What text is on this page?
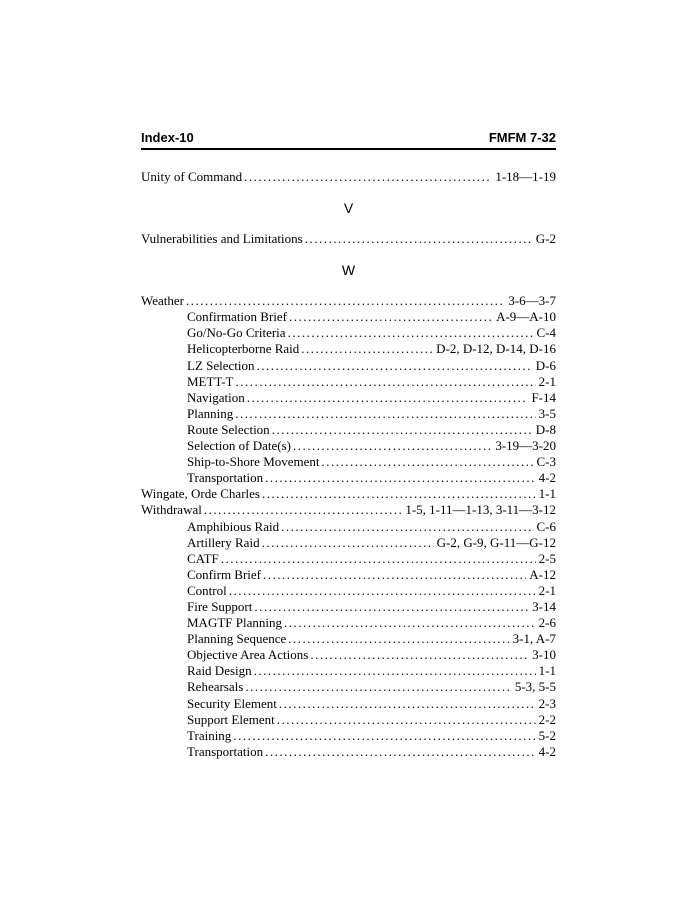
Index-10	FMFM 7-32
Unity of Command .....	1-18—1-19
V
Vulnerabilities and Limitations .....	G-2
W
Weather .....	3-6—3-7
Confirmation Brief .....	A-9—A-10
Go/No-Go Criteria .....	C-4
Helicopterborne Raid .....	D-2, D-12, D-14, D-16
LZ Selection .....	D-6
METT-T .....	2-1
Navigation .....	F-14
Planning .....	3-5
Route Selection .....	D-8
Selection of Date(s) .....	3-19—3-20
Ship-to-Shore Movement .....	C-3
Transportation .....	4-2
Wingate, Orde Charles .....	1-1
Withdrawal .....	1-5, 1-11—1-13, 3-11—3-12
Amphibious Raid .....	C-6
Artillery Raid .....	G-2, G-9, G-11—G-12
CATF .....	2-5
Confirm Brief .....	A-12
Control .....	2-1
Fire Support .....	3-14
MAGTF Planning .....	2-6
Planning Sequence .....	3-1, A-7
Objective Area Actions .....	3-10
Raid Design .....	1-1
Rehearsals .....	5-3, 5-5
Security Element .....	2-3
Support Element .....	2-2
Training .....	5-2
Transportation .....	4-2
